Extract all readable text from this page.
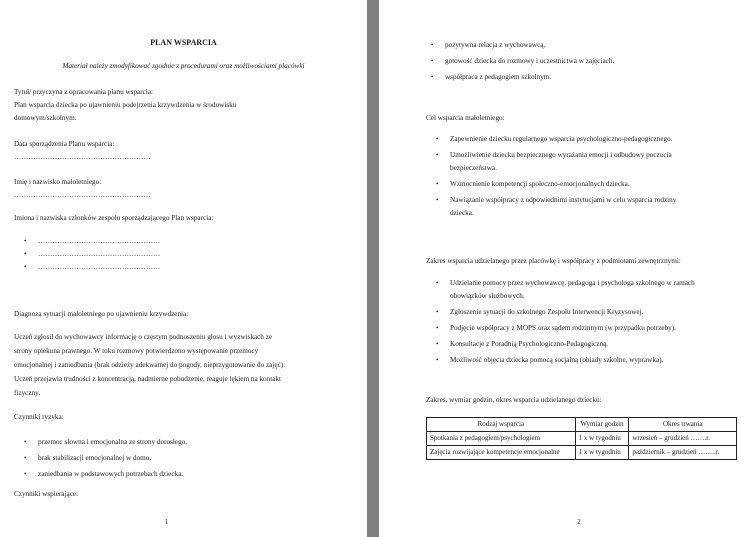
PLAN WSPARCIA
Materiał należy zmodyfikować zgodnie z procedurami oraz możliwościami placówki
Tytuł/ przyczyna z opracowania planu wsparcia:
Plan wsparcia dziecka po ujawnieniu podejrzenia krzywdzenia w środowisku
domowym/szkolnym.
Data sporządzenia Planu wsparcia:
…………………………………………………
Imię i nazwisko małoletniego:
…………………………………………………
Imiona i nazwiska członków zespołu sporządzającego Plan wsparcia:
• ……………………………………………
• ……………………………………………
• ……………………………………………
Diagnoza sytuacji małoletniego po ujawnieniu krzywdzenia:
Uczeń zgłosił do wychowawcy informację o częstym podnoszeniu głosu i wyzwiskach ze
strony opiekuna prawnego. W toku rozmowy potwierdzono występowanie przemocy
emocjonalnej i zaniedbania (brak odzieży adekwatnej do pogody, nieprzygotowanie do zajęć).
Uczeń przejawia trudności z koncentracją, nadmierne pobudzenie, reaguje lękiem na kontakt
fizyczny.
Czynniki ryzyka:
• przemoc słowna i emocjonalna ze strony dorosłego,
• brak stabilizacji emocjonalnej w domu,
• zaniedbania w podstawowych potrzebach dziecka.
Czynniki wspierające:
1
• pozytywna relacja z wychowawcą,
• gotowość dziecka do rozmowy i uczestnictwa w zajęciach,
• współpraca z pedagogiem szkolnym.
Cel wsparcia małoletniego:
• Zapewnienie dziecku regularnego wsparcia psychologiczno-pedagogicznego.
• Umożliwienie dziecku bezpiecznego wyrażania emocji i odbudowy poczucia
bezpieczeństwa.
• Wzmocnienie kompetencji społeczno-emocjonalnych dziecka.
• Nawiązanie współpracy z odpowiednimi instytucjami w celu wsparcia rodziny
dziecka.
Zakres wsparcia udzielanego przez placówkę i współpracy z podmiotami zewnętrznymi:
• Udzielanie pomocy przez wychowawcę, pedagoga i psychologa szkolnego w ramach
obowiązków służbowych.
• Zgłoszenie sytuacji do szkolnego Zespołu Interwencji Kryzysowej.
• Podjęcie współpracy z MOPS oraz sądem rodzinnym (w przypadku potrzeby).
• Konsultacje z Poradnią Psychologiczno-Pedagogiczną.
• Możliwość objęcia dziecka pomocą socjalną (obiady szkolne, wyprawka).
Zakres, wymiar godzin, okres wsparcia udzielanego dziecku:
Rodzaj wsparcia	Wymiar godzin	Okres trwania
Spotkania z pedagogiem/psychologiem	1 x w tygodniu	wrzesień – grudzień …….r.
Zajęcia rozwijające kompetencje emocjonalne	1 x w tygodniu	październik – grudzień ……..r.
2
